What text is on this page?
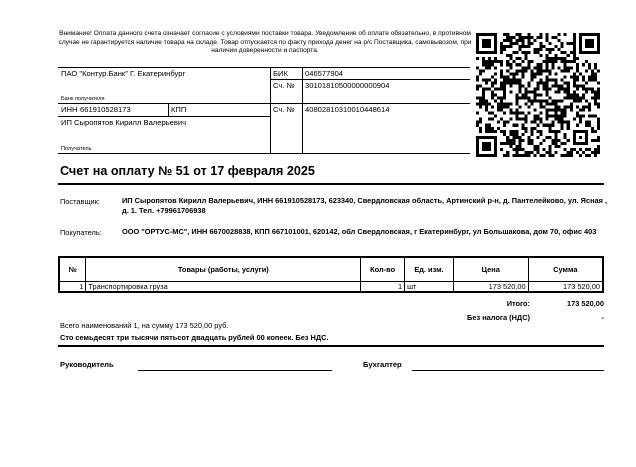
Внимание! Оплата данного счета означает согласие с условиями поставки товара. Уведомление об оплате обязательно, в противном случае не гарантируется наличие товара на складе. Товар отпускается по факту прихода денег на р/с Поставщика, самовывозом, при наличии доверенности и паспорта.
ПАО "Контур.Банк" Г. Екатеринбург
Банк получателя
БИК 046577904
Сч. № 30101810500000000904
ИНН 661910528173	КПП	Сч. № 40802810310010448614
ИП Сыропятов Кирилл Валерьевич
Получатель
Счет на оплату № 51 от 17 февраля 2025
Поставщик:	ИП Сыропятов Кирилл Валерьевич, ИНН 661910528173, 623340, Свердловская область, Артинский р-н, д. Пантелейково, ул. Ясная , д. 1. Тел. +79961706938
Покупатель:	ООО "ОРТУС-МС", ИНН 6670028838, КПП 667101001, 620142, обл Свердловская, г Екатеринбург, ул Большакова, дом 70, офис 403
№	Товары (работы, услуги)	Кол-во	Ед. изм.	Цена	Сумма
1	Транспортировка груза	1	шт	173 520,00	173 520,00
Итого:	173 520,00
Без налога (НДС)	-
Всего наименований 1, на сумму 173 520,00 руб.
Сто семьдесят три тысячи пятьсот двадцать рублей 00 копеек. Без НДС.
Руководитель	Бухгалтер
